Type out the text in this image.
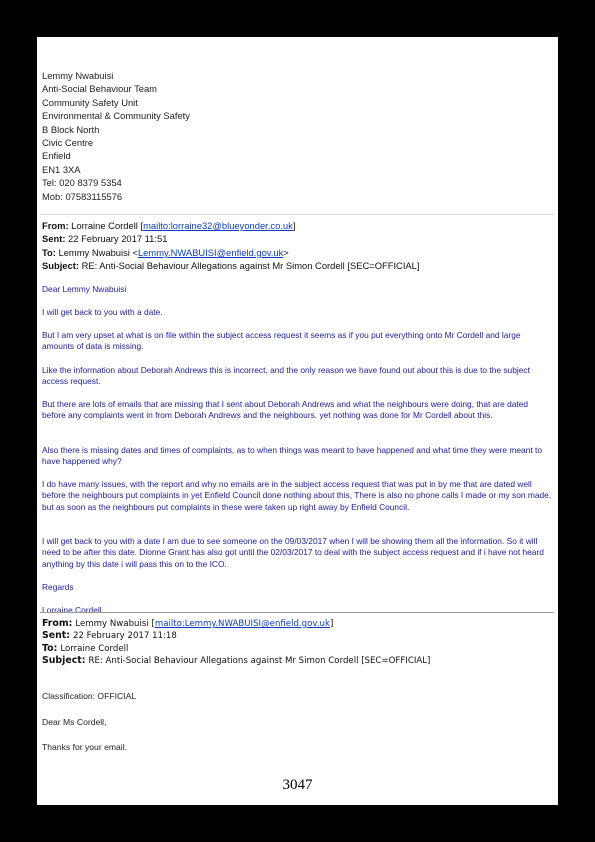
Lemmy Nwabuisi
Anti-Social Behaviour Team
Community Safety Unit
Environmental & Community Safety
B Block North
Civic Centre
Enfield
EN1 3XA
Tel: 020 8379 5354
Mob: 07583115576
From: Lorraine Cordell [mailto:lorraine32@blueyonder.co.uk]
Sent: 22 February 2017 11:51
To: Lemmy Nwabuisi <Lemmy.NWABUISI@enfield.gov.uk>
Subject: RE: Anti-Social Behaviour Allegations against Mr Simon Cordell [SEC=OFFICIAL]

Dear Lemmy Nwabuisi

I will get back to you with a date.

But I am very upset at what is on file within the subject access request it seems as if you put everything onto Mr Cordell and large amounts of data is missing.

Like the information about Deborah Andrews this is incorrect, and the only reason we have found out about this is due to the subject access request.

But there are lots of emails that are missing that I sent about Deborah Andrews and what the neighbours were doing, that are dated before any complaints went in from Deborah Andrews and the neighbours. yet nothing was done for Mr Cordell about this.

Also there is missing dates and times of complaints, as to when things was meant to have happened and what time they were meant to have happened why?

I do have many issues, with the report and why no emails are in the subject access request that was put in by me that are dated well before the neighbours put complaints in yet Enfield Council done nothing about this, There is also no phone calls I made or my son made, but as soon as the neighbours put complaints in these were taken up right away by Enfield Council.

I will get back to you with a date I am due to see someone on the 09/03/2017 when I will be showing them all the information. So it will need to be after this date. Dionne Grant has also got until the 02/03/2017 to deal with the subject access request and if i have not heard anything by this date i will pass this on to the ICO.

Regards

Lorraine Cordell

From: Lemmy Nwabuisi [mailto:Lemmy.NWABUISI@enfield.gov.uk]
Sent: 22 February 2017 11:18
To: Lorraine Cordell
Subject: RE: Anti-Social Behaviour Allegations against Mr Simon Cordell [SEC=OFFICIAL]
Classification: OFFICIAL
Dear Ms Cordell,
Thanks for your email.
3047
